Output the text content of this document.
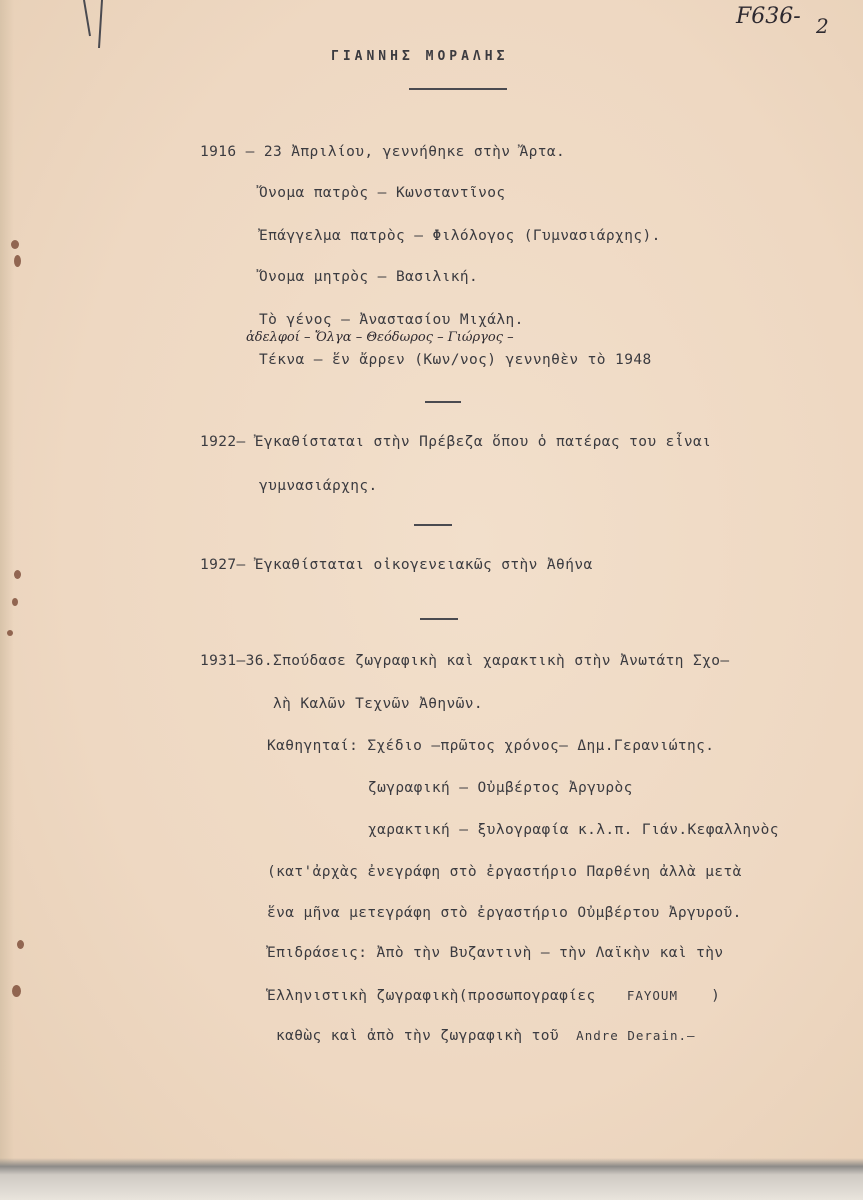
F636- 2
ΓΙΑΝΝΗΣ ΜΟΡΑΛΗΣ
1916 – 23 Ἀπριλίου, γεννήθηκε στὴν Ἄρτα.
Ὄνομα πατρὸς – Κωνσταντῖνος
Ἐπάγγελμα πατρὸς – Φιλόλογος (Γυμνασιάρχης).
Ὄνομα μητρὸς – Βασιλική.
Τὸ γένος – Ἀναστασίου Μιχάλη.
ἀδελφοί – Ὄλγα – Θεόδωρος – Γιώργος –
Τέκνα – ἕν ἄρρεν (Κων/νος) γεννηθὲν τὸ 1948
1922– Ἐγκαθίσταται στὴν Πρέβεζα ὅπου ὁ πατέρας του εἶναι
γυμνασιάρχης.
1927– Ἐγκαθίσταται οἰκογενειακῶς στὴν Ἀθήνα
1931–36.Σπούδασε ζωγραφικὴ καὶ χαρακτικὴ στὴν Ἀνωτάτη Σχο–
λὴ Καλῶν Τεχνῶν Ἀθηνῶν.
Καθηγηταί: Σχέδιο –πρῶτος χρόνος– Δημ.Γερανιώτης.
ζωγραφική – Οὐμβέρτος Ἀργυρὸς
χαρακτική – ξυλογραφία κ.λ.π. Γιάν.Κεφαλληνὸς
(κατ'ἀρχὰς ἐνεγράφη στὸ ἐργαστήριο Παρθένη ἀλλὰ μετὰ
ἕνα μῆνα μετεγράφη στὸ ἐργαστήριο Οὐμβέρτου Ἀργυροῦ.
Ἐπιδράσεις: Ἀπὸ τὴν Βυζαντινὴ – τὴν Λαϊκὴν καὶ τὴν
Ἑλληνιστικὴ ζωγραφικὴ(προσωπογραφίες FAYOUM )
καθὼς καὶ ἀπὸ τὴν ζωγραφικὴ τοῦ Andre Derain.–
